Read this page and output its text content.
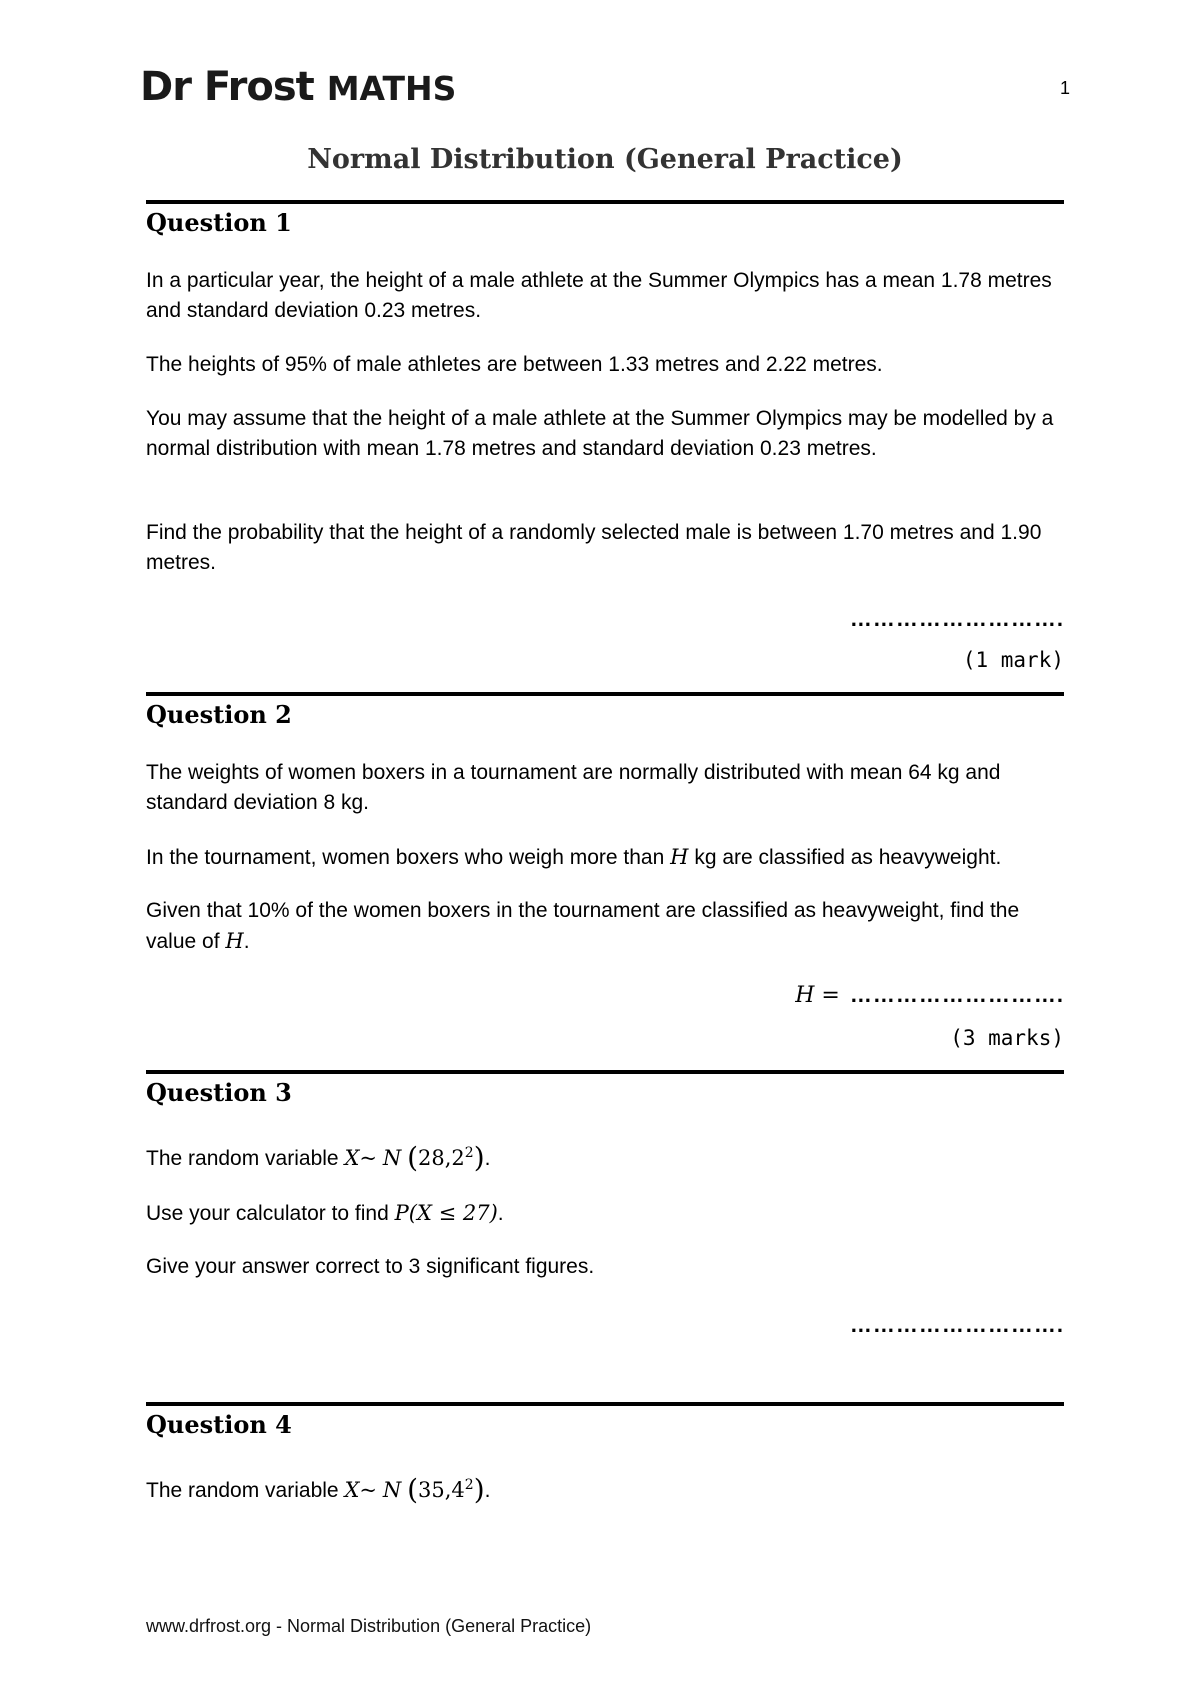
Dr Frost MATHS	1
Normal Distribution (General Practice)
Question 1

In a particular year, the height of a male athlete at the Summer Olympics has a mean 1.78 metres and standard deviation 0.23 metres.

The heights of 95% of male athletes are between 1.33 metres and 2.22 metres.

You may assume that the height of a male athlete at the Summer Olympics may be modelled by a normal distribution with mean 1.78 metres and standard deviation 0.23 metres.

Find the probability that the height of a randomly selected male is between 1.70 metres and 1.90 metres.

……………………….
(1 mark)
Question 2

The weights of women boxers in a tournament are normally distributed with mean 64 kg and standard deviation 8 kg.

In the tournament, women boxers who weigh more than H kg are classified as heavyweight.

Given that 10% of the women boxers in the tournament are classified as heavyweight, find the value of H.

H = ……………………….
(3 marks)
Question 3

The random variable X~ N (28,2$^2$).

Use your calculator to find P(X ≤ 27).

Give your answer correct to 3 significant figures.

……………………….
Question 4

The random variable X~ N (35,4$^2$).

www.drfrost.org - Normal Distribution (General Practice)
